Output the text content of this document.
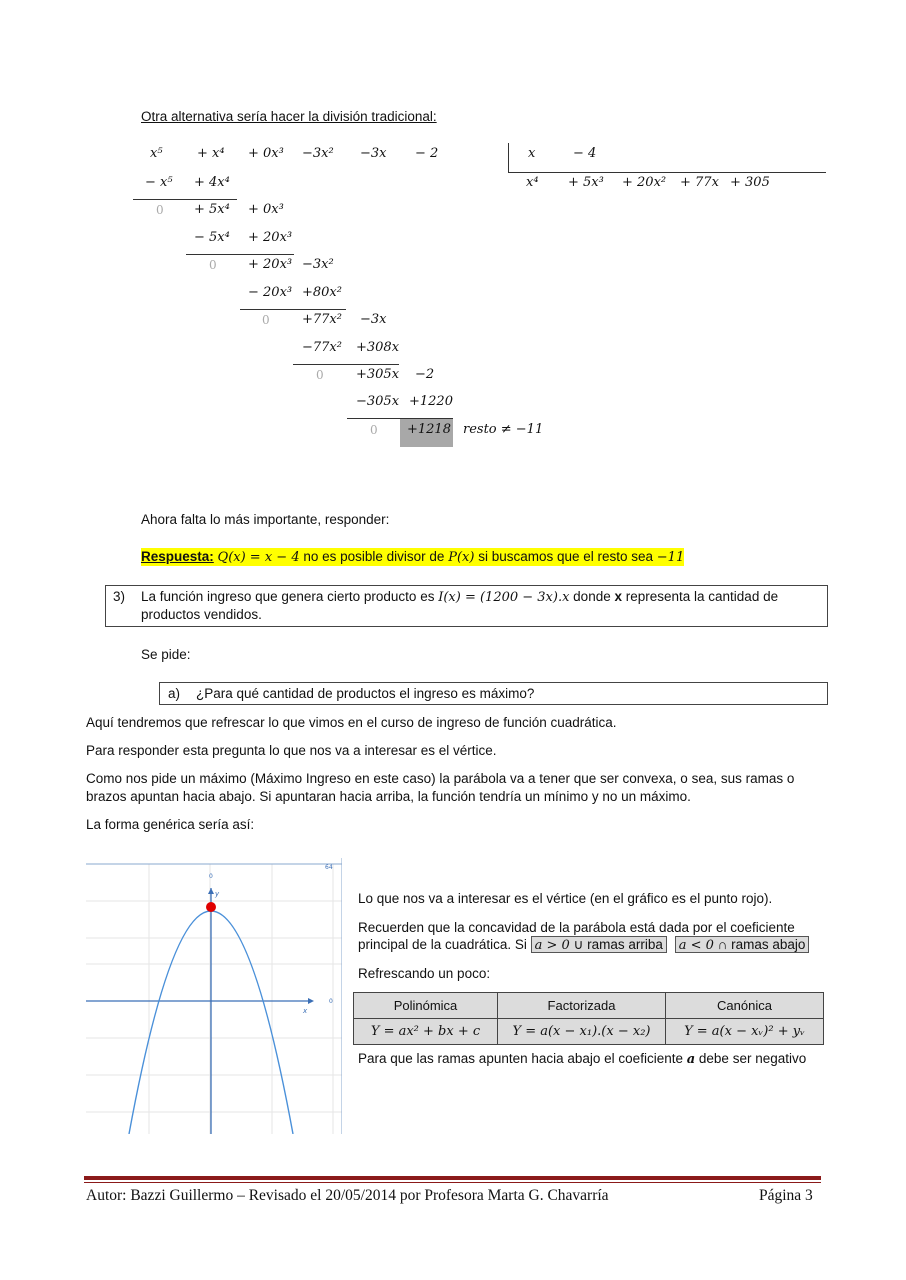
Otra alternativa sería hacer la división tradicional:
x⁵	+ x⁴ + 0x³ −3x² −3x − 2	x	− 4
x⁴ + 5x³ + 20x² + 77x + 305
− x⁵ + 4x⁴
0 + 5x⁴ + 0x³
− 5x⁴ + 20x³
0 + 20x³ −3x²
− 20x³ +80x²
0 +77x² −3x
−77x² +308x
0 +305x −2
−305x +1220
0 +1218 resto ≠ −11
Ahora falta lo más importante, responder:
Respuesta: Q(x) = x − 4 no es posible divisor de P(x) si buscamos que el resto sea −11
3) La función ingreso que genera cierto producto es I(x) = (1200 − 3x).x donde x representa la cantidad de
productos vendidos.
Se pide:
a) ¿Para qué cantidad de productos el ingreso es máximo?
Aquí tendremos que refrescar lo que vimos en el curso de ingreso de función cuadrática.
Para responder esta pregunta lo que nos va a interesar es el vértice.
Como nos pide un máximo (Máximo Ingreso en este caso) la parábola va a tener que ser convexa, o sea, sus ramas o
brazos apuntan hacia abajo. Si apuntaran hacia arriba, la función tendría un mínimo y no un máximo.
La forma genérica sería así:
y
x
64
0
0
Lo que nos va a interesar es el vértice (en el gráfico es el punto rojo).
Recuerden que la concavidad de la parábola está dada por el coeficiente
principal de la cuadrática. Si a > 0 ∪ ramas arriba a < 0 ∩ ramas abajo
Refrescando un poco:
Polinómica	Factorizada	Canónica
Y = ax² + bx + c	Y = a(x − x₁).(x − x₂)	Y = a(x − xᵥ)² + yᵥ
Para que las ramas apunten hacia abajo el coeficiente a debe ser negativo
Autor: Bazzi Guillermo – Revisado el 20/05/2014 por Profesora Marta G. Chavarría	Página 3
